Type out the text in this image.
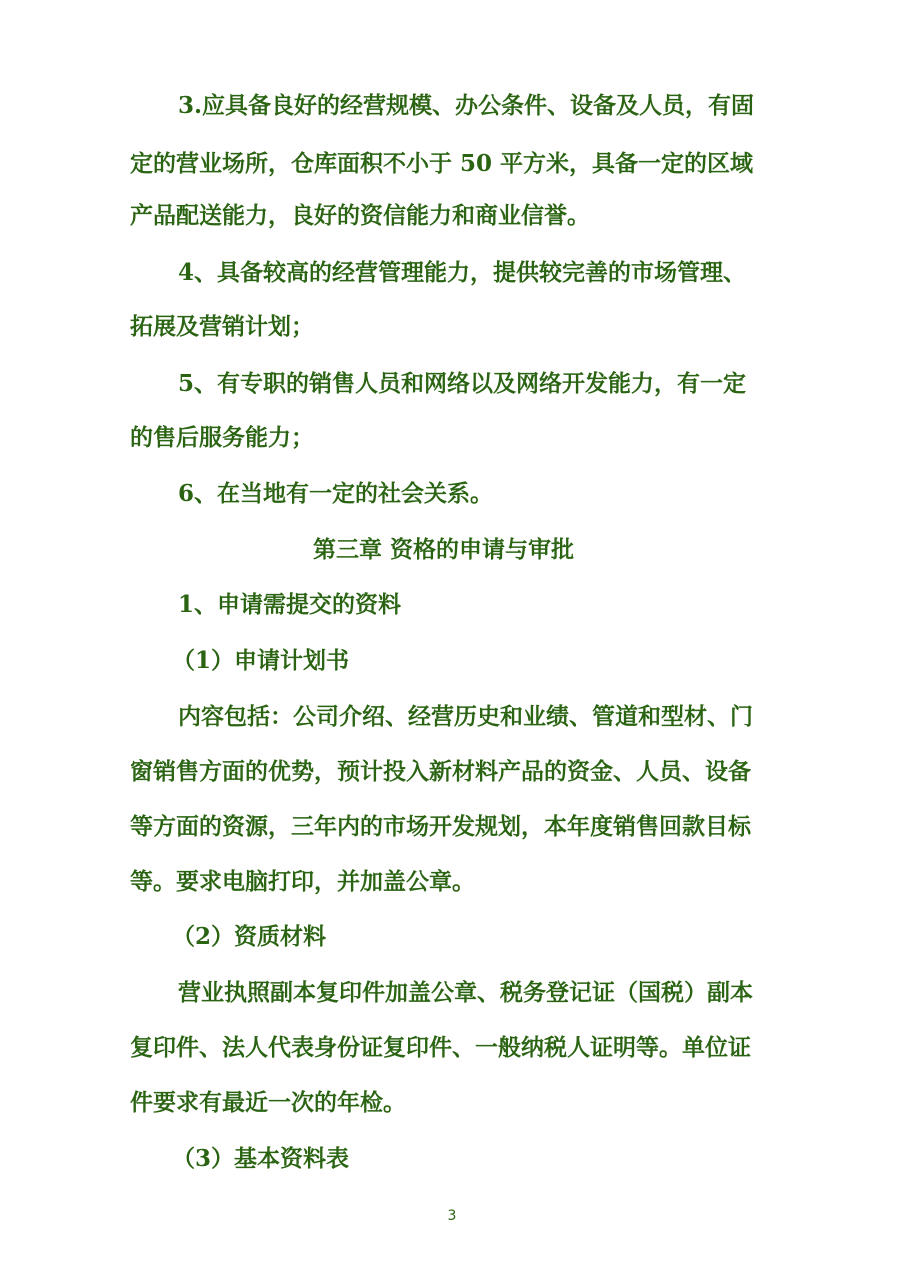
3.应具备良好的经营规模、办公条件、设备及人员，有固
定的营业场所，仓库面积不小于 50 平方米，具备一定的区域
产品配送能力，良好的资信能力和商业信誉。
4、具备较高的经营管理能力，提供较完善的市场管理、
拓展及营销计划；
5、有专职的销售人员和网络以及网络开发能力，有一定
的售后服务能力；
6、在当地有一定的社会关系。
第三章 资格的申请与审批
1、申请需提交的资料
（1）申请计划书
内容包括：公司介绍、经营历史和业绩、管道和型材、门
窗销售方面的优势，预计投入新材料产品的资金、人员、设备
等方面的资源，三年内的市场开发规划，本年度销售回款目标
等。要求电脑打印，并加盖公章。
（2）资质材料
营业执照副本复印件加盖公章、税务登记证（国税）副本
复印件、法人代表身份证复印件、一般纳税人证明等。单位证
件要求有最近一次的年检。
（3）基本资料表
3
